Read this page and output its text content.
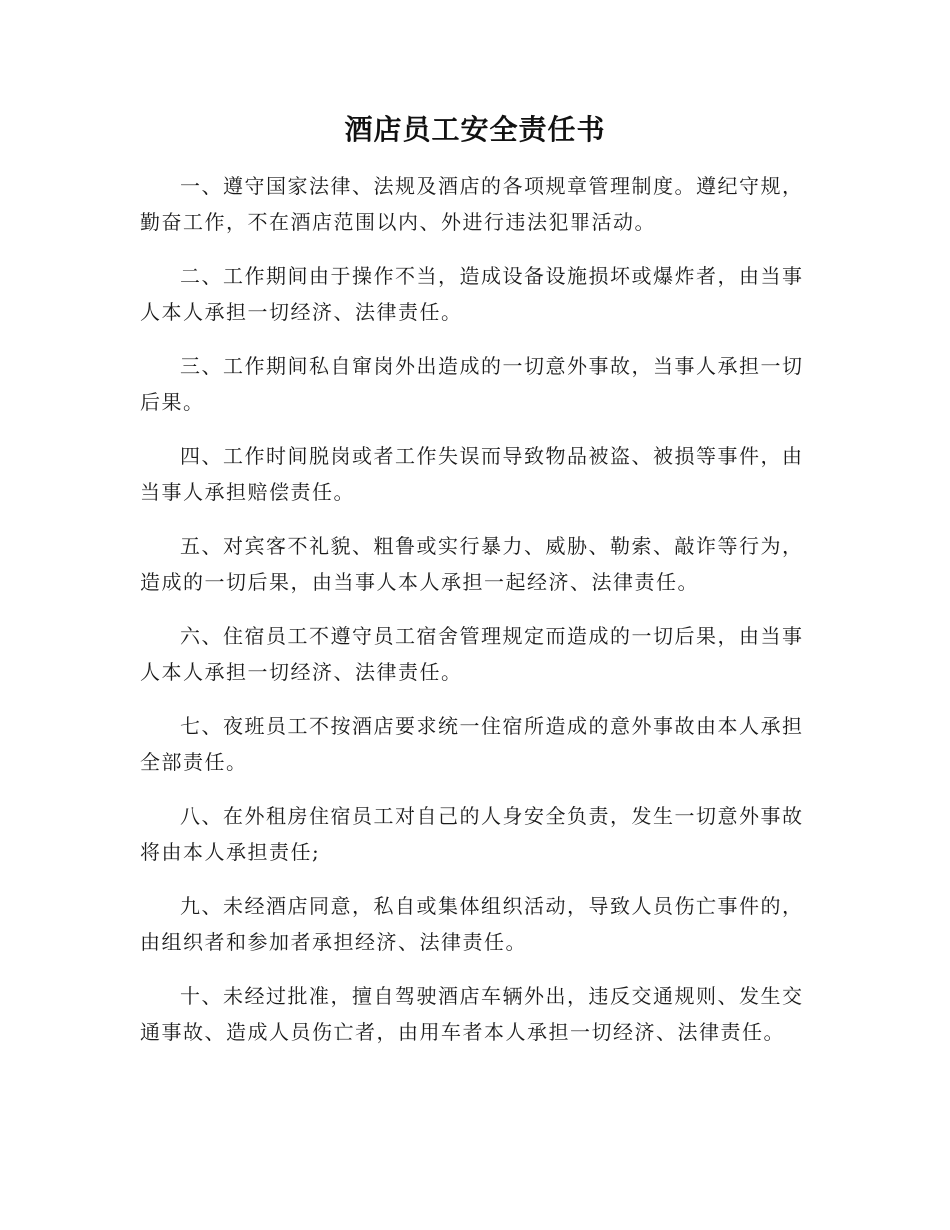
酒店员工安全责任书

一、遵守国家法律、法规及酒店的各项规章管理制度。遵纪守规，勤奋工作，不在酒店范围以内、外进行违法犯罪活动。

二、工作期间由于操作不当，造成设备设施损坏或爆炸者，由当事人本人承担一切经济、法律责任。

三、工作期间私自窜岗外出造成的一切意外事故，当事人承担一切后果。

四、工作时间脱岗或者工作失误而导致物品被盗、被损等事件，由当事人承担赔偿责任。

五、对宾客不礼貌、粗鲁或实行暴力、威胁、勒索、敲诈等行为，造成的一切后果，由当事人本人承担一起经济、法律责任。

六、住宿员工不遵守员工宿舍管理规定而造成的一切后果，由当事人本人承担一切经济、法律责任。

七、夜班员工不按酒店要求统一住宿所造成的意外事故由本人承担全部责任。

八、在外租房住宿员工对自己的人身安全负责，发生一切意外事故将由本人承担责任;

九、未经酒店同意，私自或集体组织活动，导致人员伤亡事件的，由组织者和参加者承担经济、法律责任。

十、未经过批准，擅自驾驶酒店车辆外出，违反交通规则、发生交通事故、造成人员伤亡者，由用车者本人承担一切经济、法律责任。
